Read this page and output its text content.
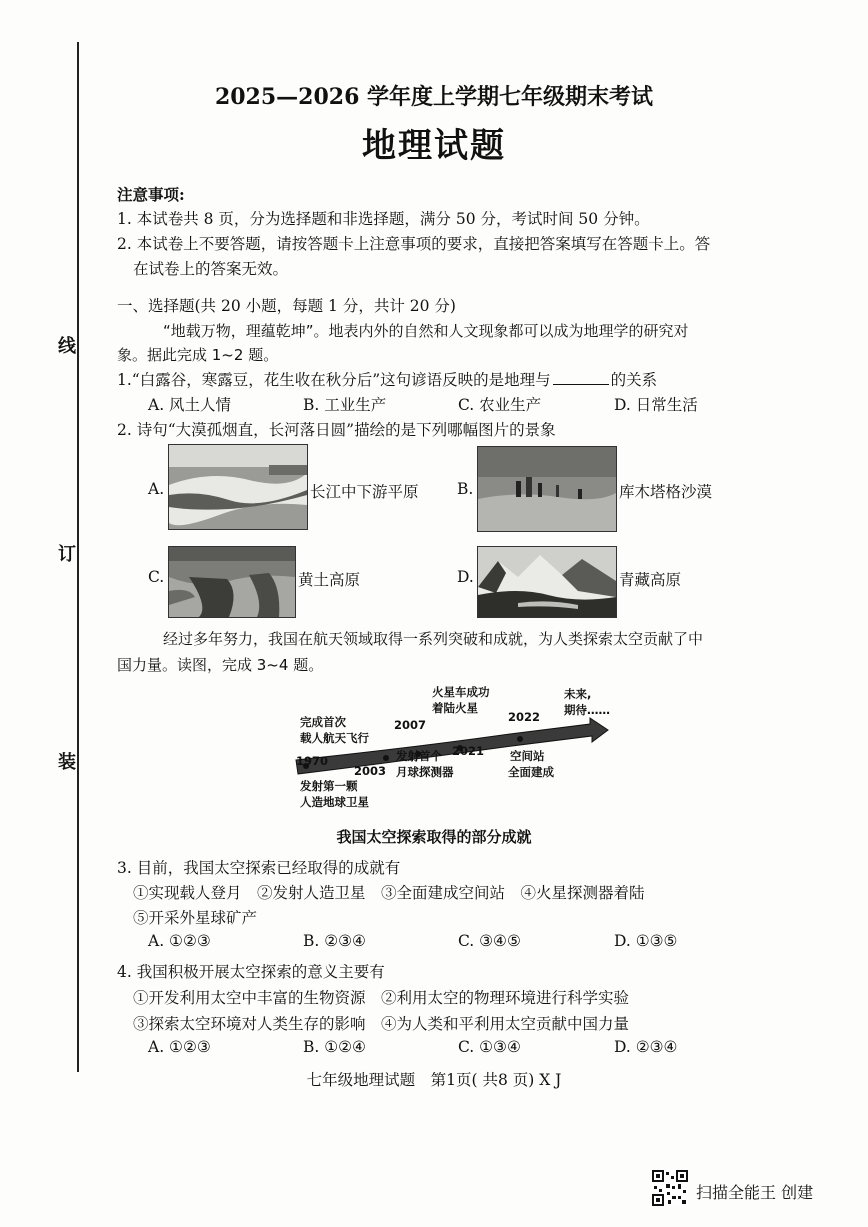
线
订
装
2025—2026 学年度上学期七年级期末考试
地理试题
注意事项:
1. 本试卷共 8 页，分为选择题和非选择题，满分 50 分，考试时间 50 分钟。
2. 本试卷上不要答题，请按答题卡上注意事项的要求，直接把答案填写在答题卡上。答
在试卷上的答案无效。
一、选择题(共 20 小题，每题 1 分，共计 20 分)
“地载万物，理蕴乾坤”。地表内外的自然和人文现象都可以成为地理学的研究对
象。据此完成 1~2 题。
1.“白露谷，寒露豆，花生收在秋分后”这句谚语反映的是地理与	的关系
A. 风土人情	B. 工业生产	C. 农业生产	D. 日常生活
2. 诗句“大漠孤烟直，长河落日圆”描绘的是下列哪幅图片的景象
A.	长江中下游平原 B.	库木塔格沙漠
C.	黄土高原	D.	青藏高原
经过多年努力，我国在航天领域取得一系列突破和成就，为人类探索太空贡献了中
国力量。读图，完成 3~4 题。
1970
发射第一颗
人造地球卫星
完成首次
载人航天飞行
2003
2007
发射首个
月球探测器
火星车成功
着陆火星
2021
2022
空间站
全面建成
未来,
期待……
我国太空探索取得的部分成就
3. 目前，我国太空探索已经取得的成就有
①实现载人登月　②发射人造卫星　③全面建成空间站　④火星探测器着陆
⑤开采外星球矿产
A. ①②③	B. ②③④	C. ③④⑤	D. ①③⑤
4. 我国积极开展太空探索的意义主要有
①开发利用太空中丰富的生物资源　②利用太空的物理环境进行科学实验
③探索太空环境对人类生存的影响　④为人类和平利用太空贡献中国力量
A. ①②③	B. ①②④	C. ①③④	D. ②③④
七年级地理试题　第1页( 共8 页) X J
扫描全能王 创建
